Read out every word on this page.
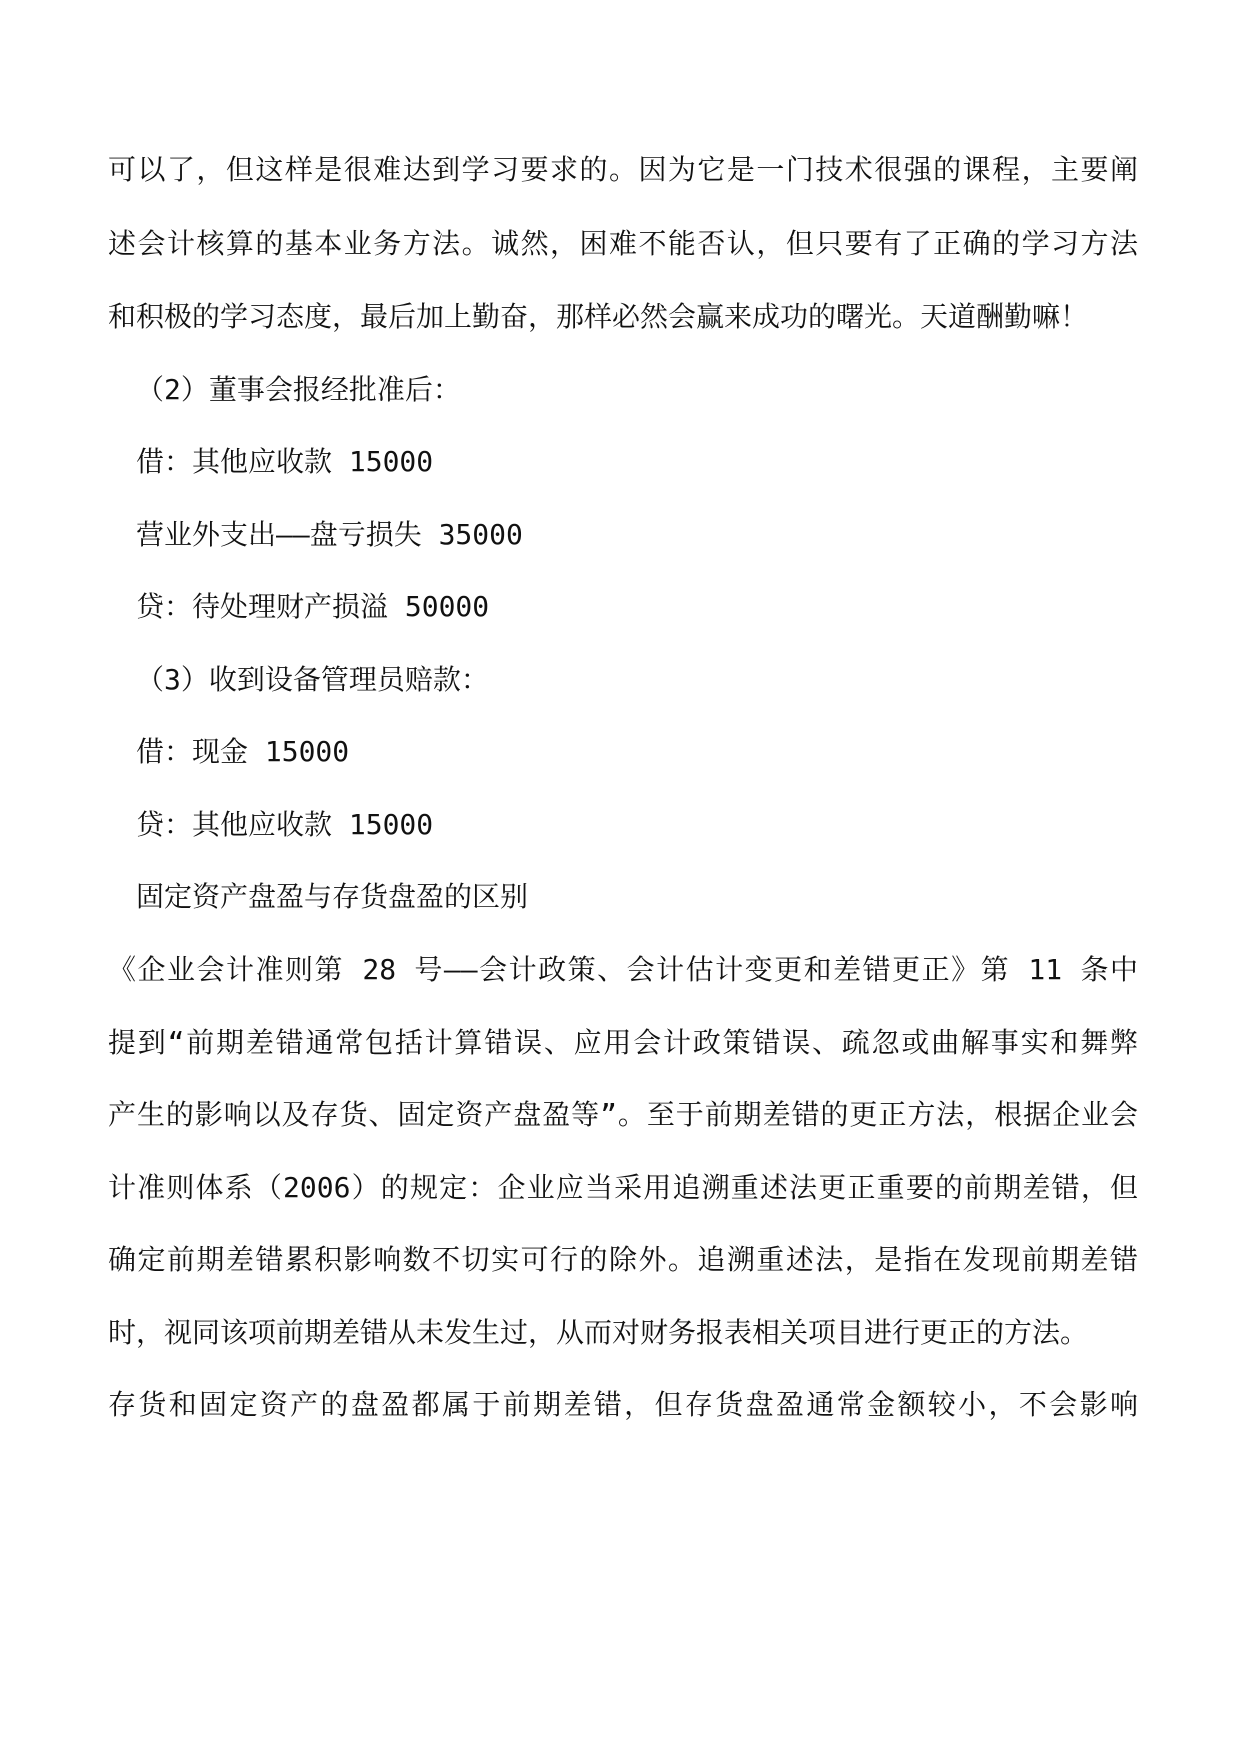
可以了，但这样是很难达到学习要求的。因为它是一门技术很强的课程，主要阐
述会计核算的基本业务方法。诚然，困难不能否认，但只要有了正确的学习方法
和积极的学习态度，最后加上勤奋，那样必然会赢来成功的曙光。天道酬勤嘛！
（2）董事会报经批准后：
借：其他应收款 15000
营业外支出——盘亏损失 35000
贷：待处理财产损溢 50000
（3）收到设备管理员赔款：
借：现金 15000
贷：其他应收款 15000
固定资产盘盈与存货盘盈的区别
《企业会计准则第 28 号——会计政策、会计估计变更和差错更正》第 11 条中
提到“前期差错通常包括计算错误、应用会计政策错误、疏忽或曲解事实和舞弊
产生的影响以及存货、固定资产盘盈等”。至于前期差错的更正方法，根据企业会
计准则体系（2006）的规定：企业应当采用追溯重述法更正重要的前期差错，但
确定前期差错累积影响数不切实可行的除外。追溯重述法，是指在发现前期差错
时，视同该项前期差错从未发生过，从而对财务报表相关项目进行更正的方法。
存货和固定资产的盘盈都属于前期差错，但存货盘盈通常金额较小，不会影响
